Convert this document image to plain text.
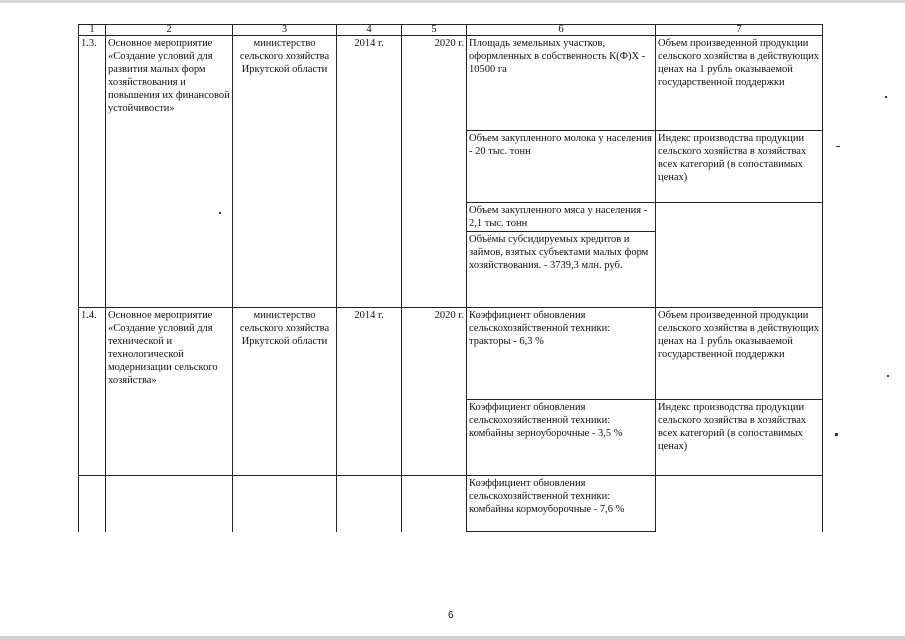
1	2	3	4	5	6	7
1.3.	Основное мероприятие «Создание условий для развития малых форм хозяйствования и повышения их финансовой устойчивости»	министерство сельского хозяйства Иркутской области	2014 г.	2020 г.	Площадь земельных участков, оформленных в собственность К(Ф)Х - 10500 га	Объем произведенной продукции сельского хозяйства в действующих ценах на 1 рубль оказываемой государственной поддержки
					Объем закупленного молока у населения - 20 тыс. тонн	Индекс производства продукции сельского хозяйства в хозяйствах всех категорий (в сопоставимых ценах)
					Объем закупленного мяса у населения - 2,1 тыс. тонн	
					Объёмы субсидируемых кредитов и займов, взятых субъектами малых форм хозяйствования. - 3739,3 млн. руб.	
1.4.	Основное мероприятие «Создание условий для технической и технологической модернизации сельского хозяйства»	министерство сельского хозяйства Иркутской области	2014 г.	2020 г.	Коэффициент обновления сельскохозяйственной техники: тракторы - 6,3 %	Объем произведенной продукции сельского хозяйства в действующих ценах на 1 рубль оказываемой государственной поддержки
					Коэффициент обновления сельскохозяйственной техники: комбайны зерноуборочные - 3,5 %	Индекс производства продукции сельского хозяйства в хозяйствах всех категорий (в сопоставимых ценах)
					Коэффициент обновления сельскохозяйственной техники: комбайны кормоуборочные - 7,6 %	
6
